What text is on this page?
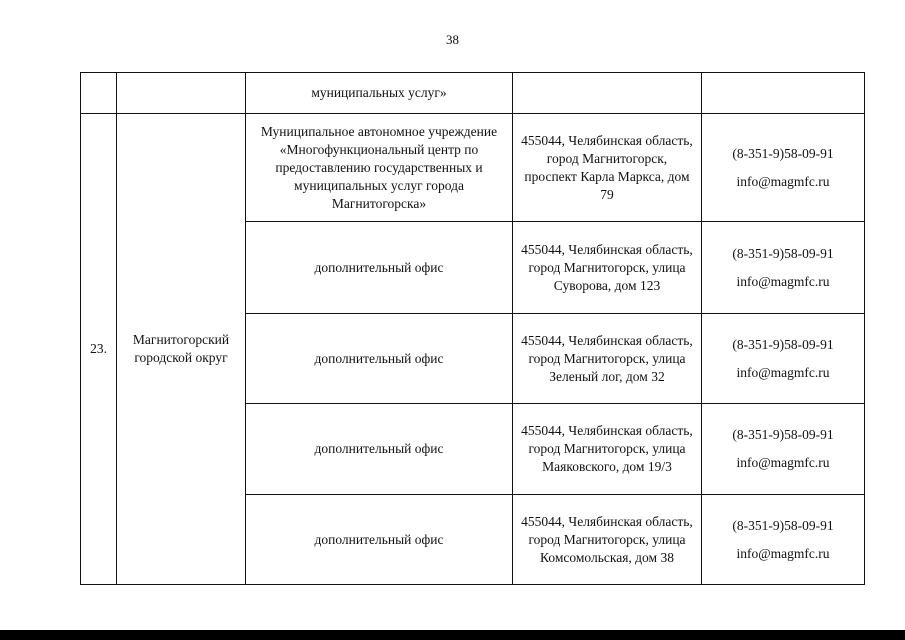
38
		муниципальных услуг»		
23.	Магнитогорский городской округ	Муниципальное автономное учреждение «Многофункциональный центр по предоставлению государственных и муниципальных услуг города Магнитогорска»	455044, Челябинская область, город Магнитогорск, проспект Карла Маркса, дом 79	(8-351-9)58-09-91
info@magmfc.ru

		дополнительный офис	455044, Челябинская область, город Магнитогорск, улица Суворова, дом 123	(8-351-9)58-09-91
info@magmfc.ru

		дополнительный офис	455044, Челябинская область, город Магнитогорск, улица Зеленый лог, дом 32	(8-351-9)58-09-91
info@magmfc.ru

		дополнительный офис	455044, Челябинская область, город Магнитогорск, улица Маяковского, дом 19/3	(8-351-9)58-09-91
info@magmfc.ru

		дополнительный офис	455044, Челябинская область, город Магнитогорск, улица Комсомольская, дом 38	(8-351-9)58-09-91
info@magmfc.ru
